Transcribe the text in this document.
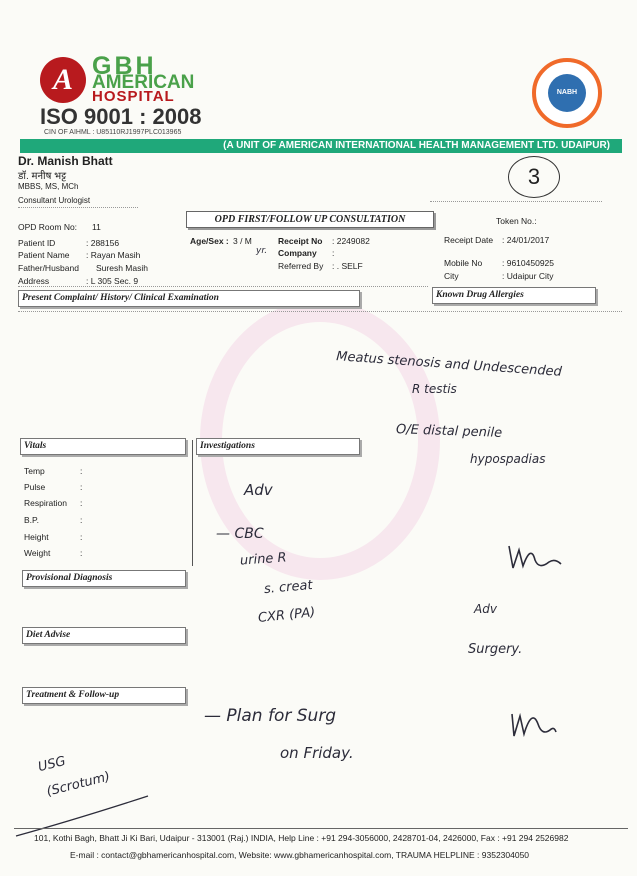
A GBH
AMERICAN
HOSPITAL
ISO 9001 : 2008
CIN OF AIHML : U85110RJ1997PLC013965
NABH
(A UNIT OF AMERICAN INTERNATIONAL HEALTH MANAGEMENT LTD. UDAIPUR)
Dr. Manish Bhatt
डॉ. मनीष भट्ट
MBBS, MS, MCh
Consultant Urologist
3
OPD FIRST/FOLLOW UP CONSULTATION
OPD Room No: 11
Token No.:
Patient ID	: 288156
Patient Name : Rayan Masih
Father/Husband Suresh Masih
Address	: L 305 Sec. 9
Age/Sex : 3 / M
yr.
Receipt No : 2249082
Company :
Referred By : . SELF
Receipt Date : 24/01/2017
Mobile No : 9610450925
City	: Udaipur City
Present Complaint/ History/ Clinical Examination	Known Drug Allergies
Vitals	Investigations
Temp	:
Pulse	:
Respiration :
B.P.	:
Height	:
Weight	:
Provisional Diagnosis
Diet Advise
Treatment & Follow-up
Meatus stenosis and Undescended
R testis
O/E distal penile
hypospadias
Adv
— CBC
urine R
s. creat
CXR (PA)	Adv
Surgery.
— Plan for Surg
on Friday.
USG
(Scrotum)
101, Kothi Bagh, Bhatt Ji Ki Bari, Udaipur - 313001 (Raj.) INDIA, Help Line : +91 294-3056000, 2428701-04, 2426000, Fax : +91 294 2526982
E-mail : contact@gbhamericanhospital.com, Website: www.gbhamericanhospital.com, TRAUMA HELPLINE : 9352304050
